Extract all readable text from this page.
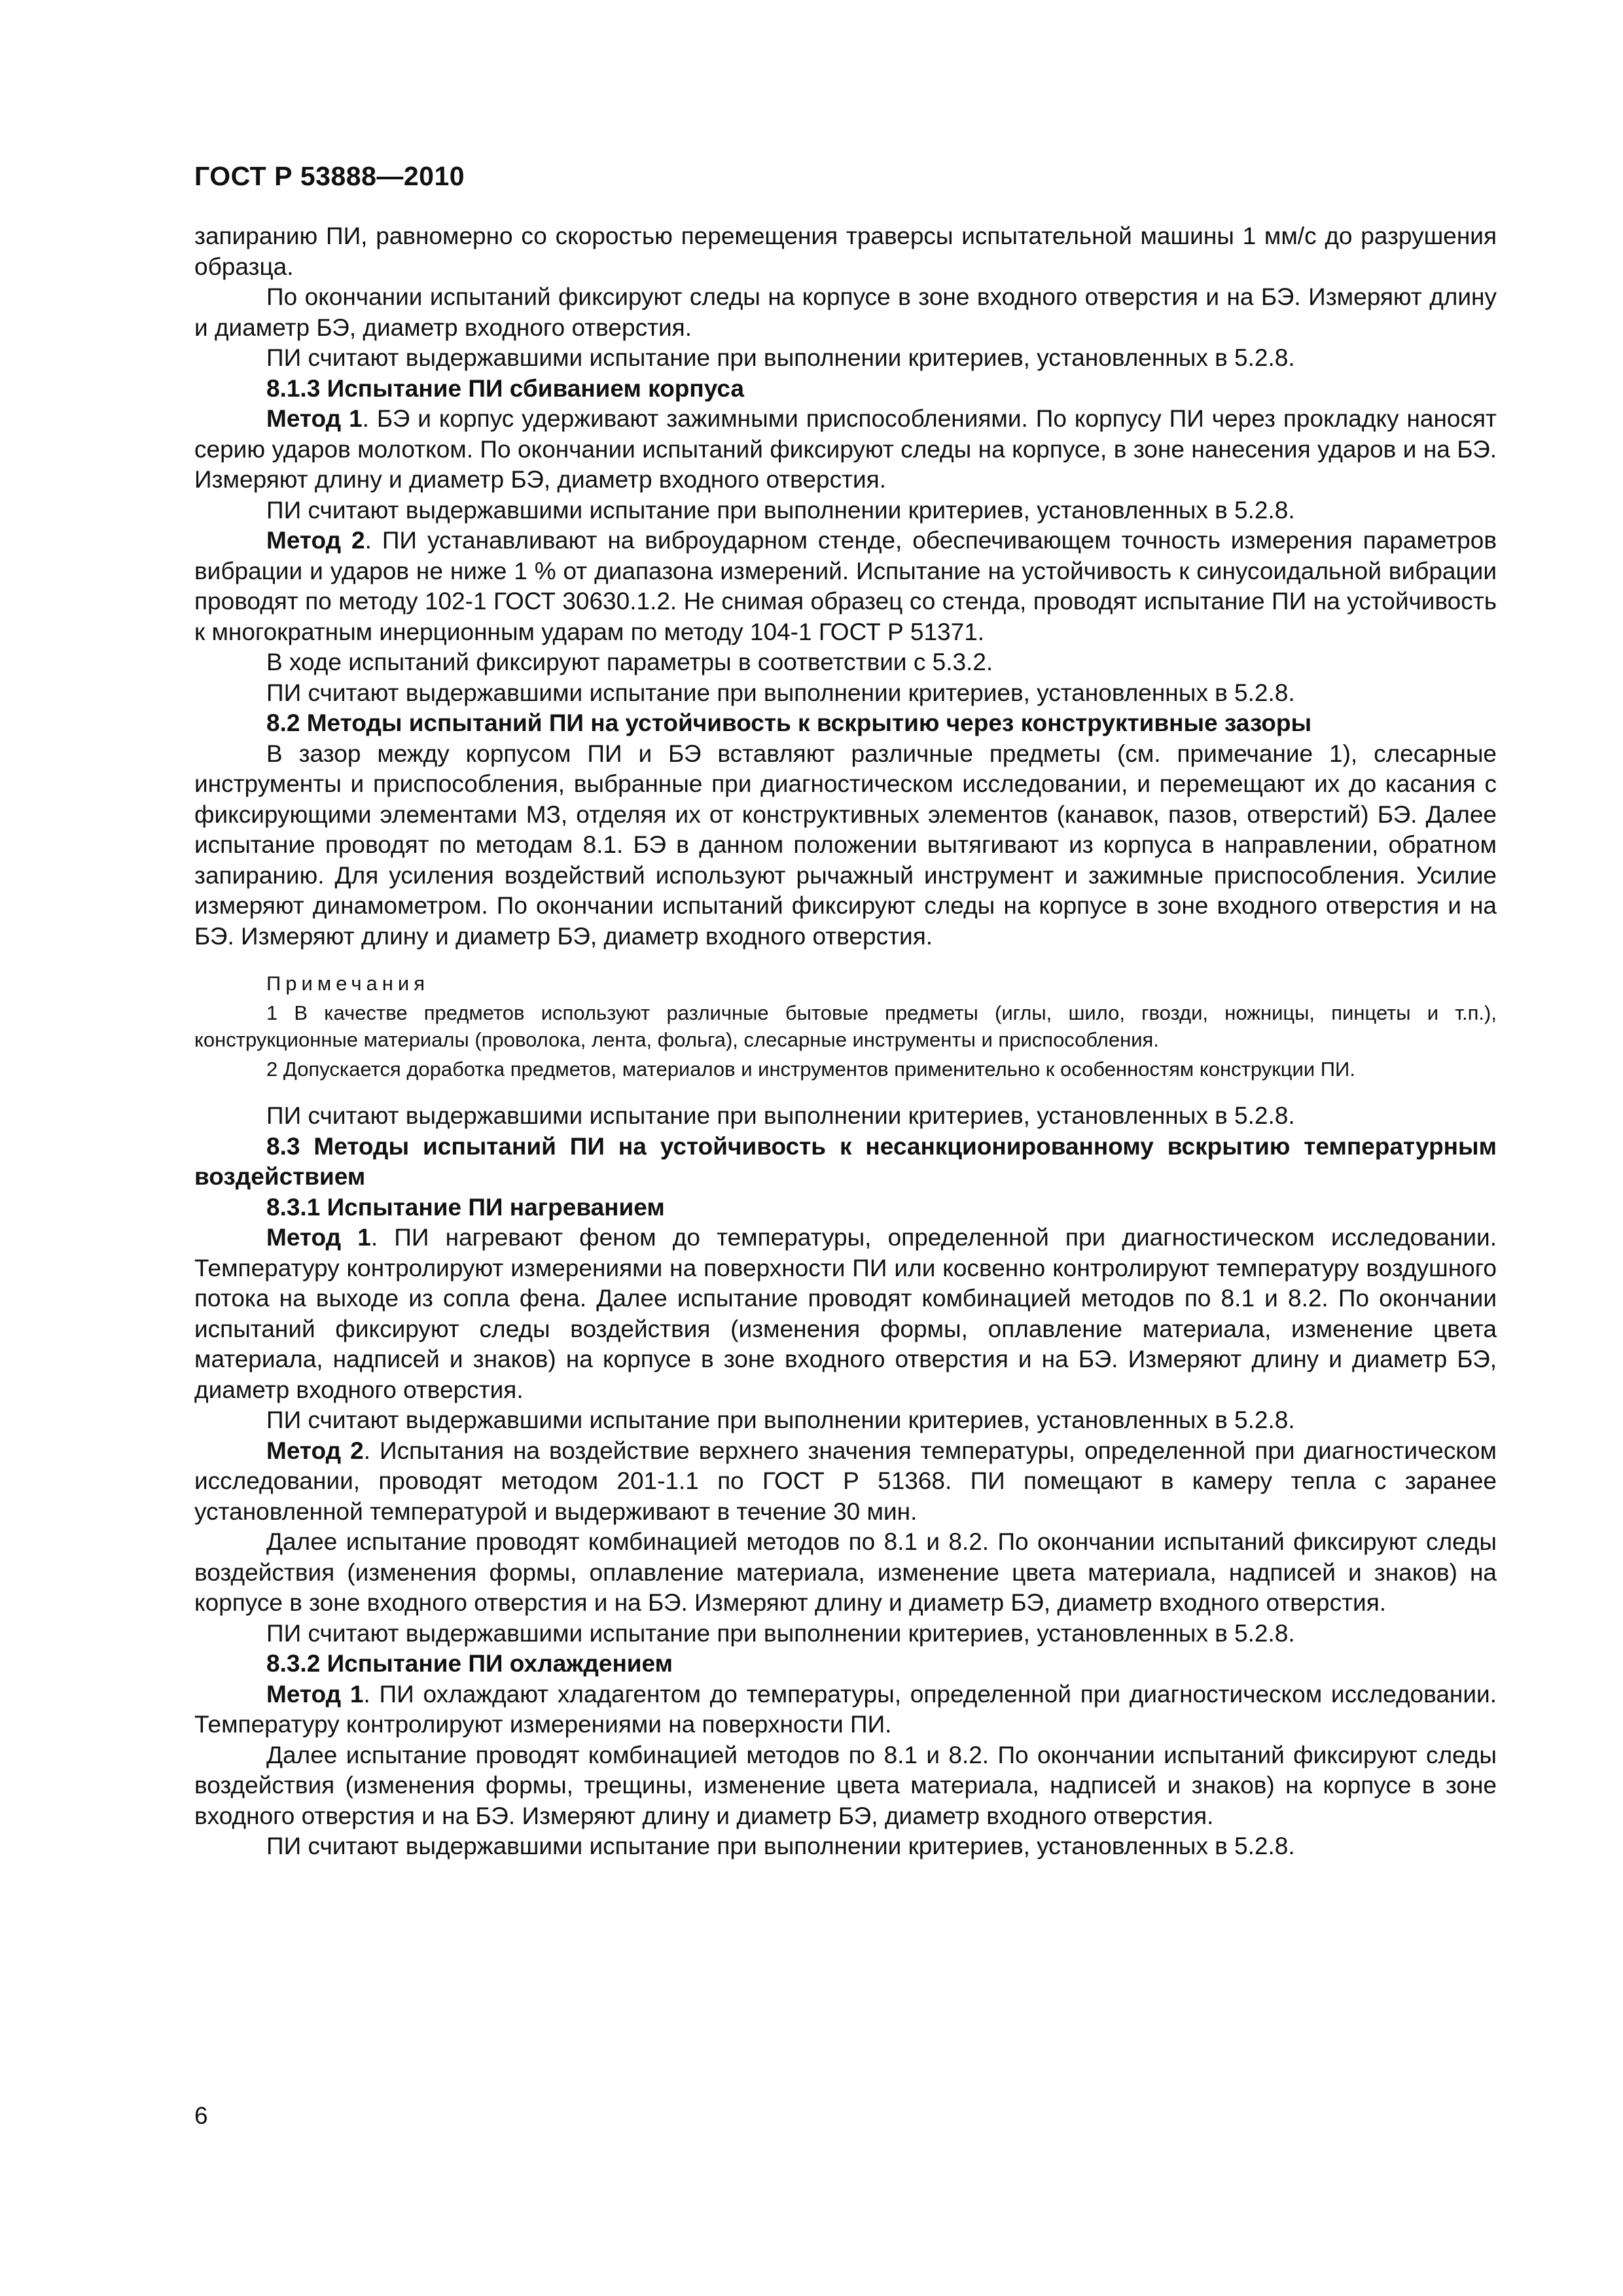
ГОСТ Р 53888—2010

запиранию ПИ, равномерно со скоростью перемещения траверсы испытательной машины 1 мм/с до разрушения образца.

По окончании испытаний фиксируют следы на корпусе в зоне входного отверстия и на БЭ. Измеряют длину и диаметр БЭ, диаметр входного отверстия.

ПИ считают выдержавшими испытание при выполнении критериев, установленных в 5.2.8.

8.1.3 Испытание ПИ сбиванием корпуса

Метод 1. БЭ и корпус удерживают зажимными приспособлениями. По корпусу ПИ через прокладку наносят серию ударов молотком. По окончании испытаний фиксируют следы на корпусе, в зоне нанесения ударов и на БЭ. Измеряют длину и диаметр БЭ, диаметр входного отверстия.

ПИ считают выдержавшими испытание при выполнении критериев, установленных в 5.2.8.

Метод 2. ПИ устанавливают на виброударном стенде, обеспечивающем точность измерения параметров вибрации и ударов не ниже 1 % от диапазона измерений. Испытание на устойчивость к синусоидальной вибрации проводят по методу 102-1 ГОСТ 30630.1.2. Не снимая образец со стенда, проводят испытание ПИ на устойчивость к многократным инерционным ударам по методу 104-1 ГОСТ Р 51371.

В ходе испытаний фиксируют параметры в соответствии с 5.3.2.

ПИ считают выдержавшими испытание при выполнении критериев, установленных в 5.2.8.

8.2 Методы испытаний ПИ на устойчивость к вскрытию через конструктивные зазоры

В зазор между корпусом ПИ и БЭ вставляют различные предметы (см. примечание 1), слесарные инструменты и приспособления, выбранные при диагностическом исследовании, и перемещают их до касания с фиксирующими элементами МЗ, отделяя их от конструктивных элементов (канавок, пазов, отверстий) БЭ. Далее испытание проводят по методам 8.1. БЭ в данном положении вытягивают из корпуса в направлении, обратном запиранию. Для усиления воздействий используют рычажный инструмент и зажимные приспособления. Усилие измеряют динамометром. По окончании испытаний фиксируют следы на корпусе в зоне входного отверстия и на БЭ. Измеряют длину и диаметр БЭ, диаметр входного отверстия.

Примечания

1 В качестве предметов используют различные бытовые предметы (иглы, шило, гвозди, ножницы, пинцеты и т.п.), конструкционные материалы (проволока, лента, фольга), слесарные инструменты и приспособления.

2 Допускается доработка предметов, материалов и инструментов применительно к особенностям конструкции ПИ.

ПИ считают выдержавшими испытание при выполнении критериев, установленных в 5.2.8.

8.3 Методы испытаний ПИ на устойчивость к несанкционированному вскрытию температурным воздействием

8.3.1 Испытание ПИ нагреванием

Метод 1. ПИ нагревают феном до температуры, определенной при диагностическом исследовании. Температуру контролируют измерениями на поверхности ПИ или косвенно контролируют температуру воздушного потока на выходе из сопла фена. Далее испытание проводят комбинацией методов по 8.1 и 8.2. По окончании испытаний фиксируют следы воздействия (изменения формы, оплавление материала, изменение цвета материала, надписей и знаков) на корпусе в зоне входного отверстия и на БЭ. Измеряют длину и диаметр БЭ, диаметр входного отверстия.

ПИ считают выдержавшими испытание при выполнении критериев, установленных в 5.2.8.

Метод 2. Испытания на воздействие верхнего значения температуры, определенной при диагностическом исследовании, проводят методом 201-1.1 по ГОСТ Р 51368. ПИ помещают в камеру тепла с заранее установленной температурой и выдерживают в течение 30 мин.

Далее испытание проводят комбинацией методов по 8.1 и 8.2. По окончании испытаний фиксируют следы воздействия (изменения формы, оплавление материала, изменение цвета материала, надписей и знаков) на корпусе в зоне входного отверстия и на БЭ. Измеряют длину и диаметр БЭ, диаметр входного отверстия.

ПИ считают выдержавшими испытание при выполнении критериев, установленных в 5.2.8.

8.3.2 Испытание ПИ охлаждением

Метод 1. ПИ охлаждают хладагентом до температуры, определенной при диагностическом исследовании. Температуру контролируют измерениями на поверхности ПИ.

Далее испытание проводят комбинацией методов по 8.1 и 8.2. По окончании испытаний фиксируют следы воздействия (изменения формы, трещины, изменение цвета материала, надписей и знаков) на корпусе в зоне входного отверстия и на БЭ. Измеряют длину и диаметр БЭ, диаметр входного отверстия.

ПИ считают выдержавшими испытание при выполнении критериев, установленных в 5.2.8.

6
